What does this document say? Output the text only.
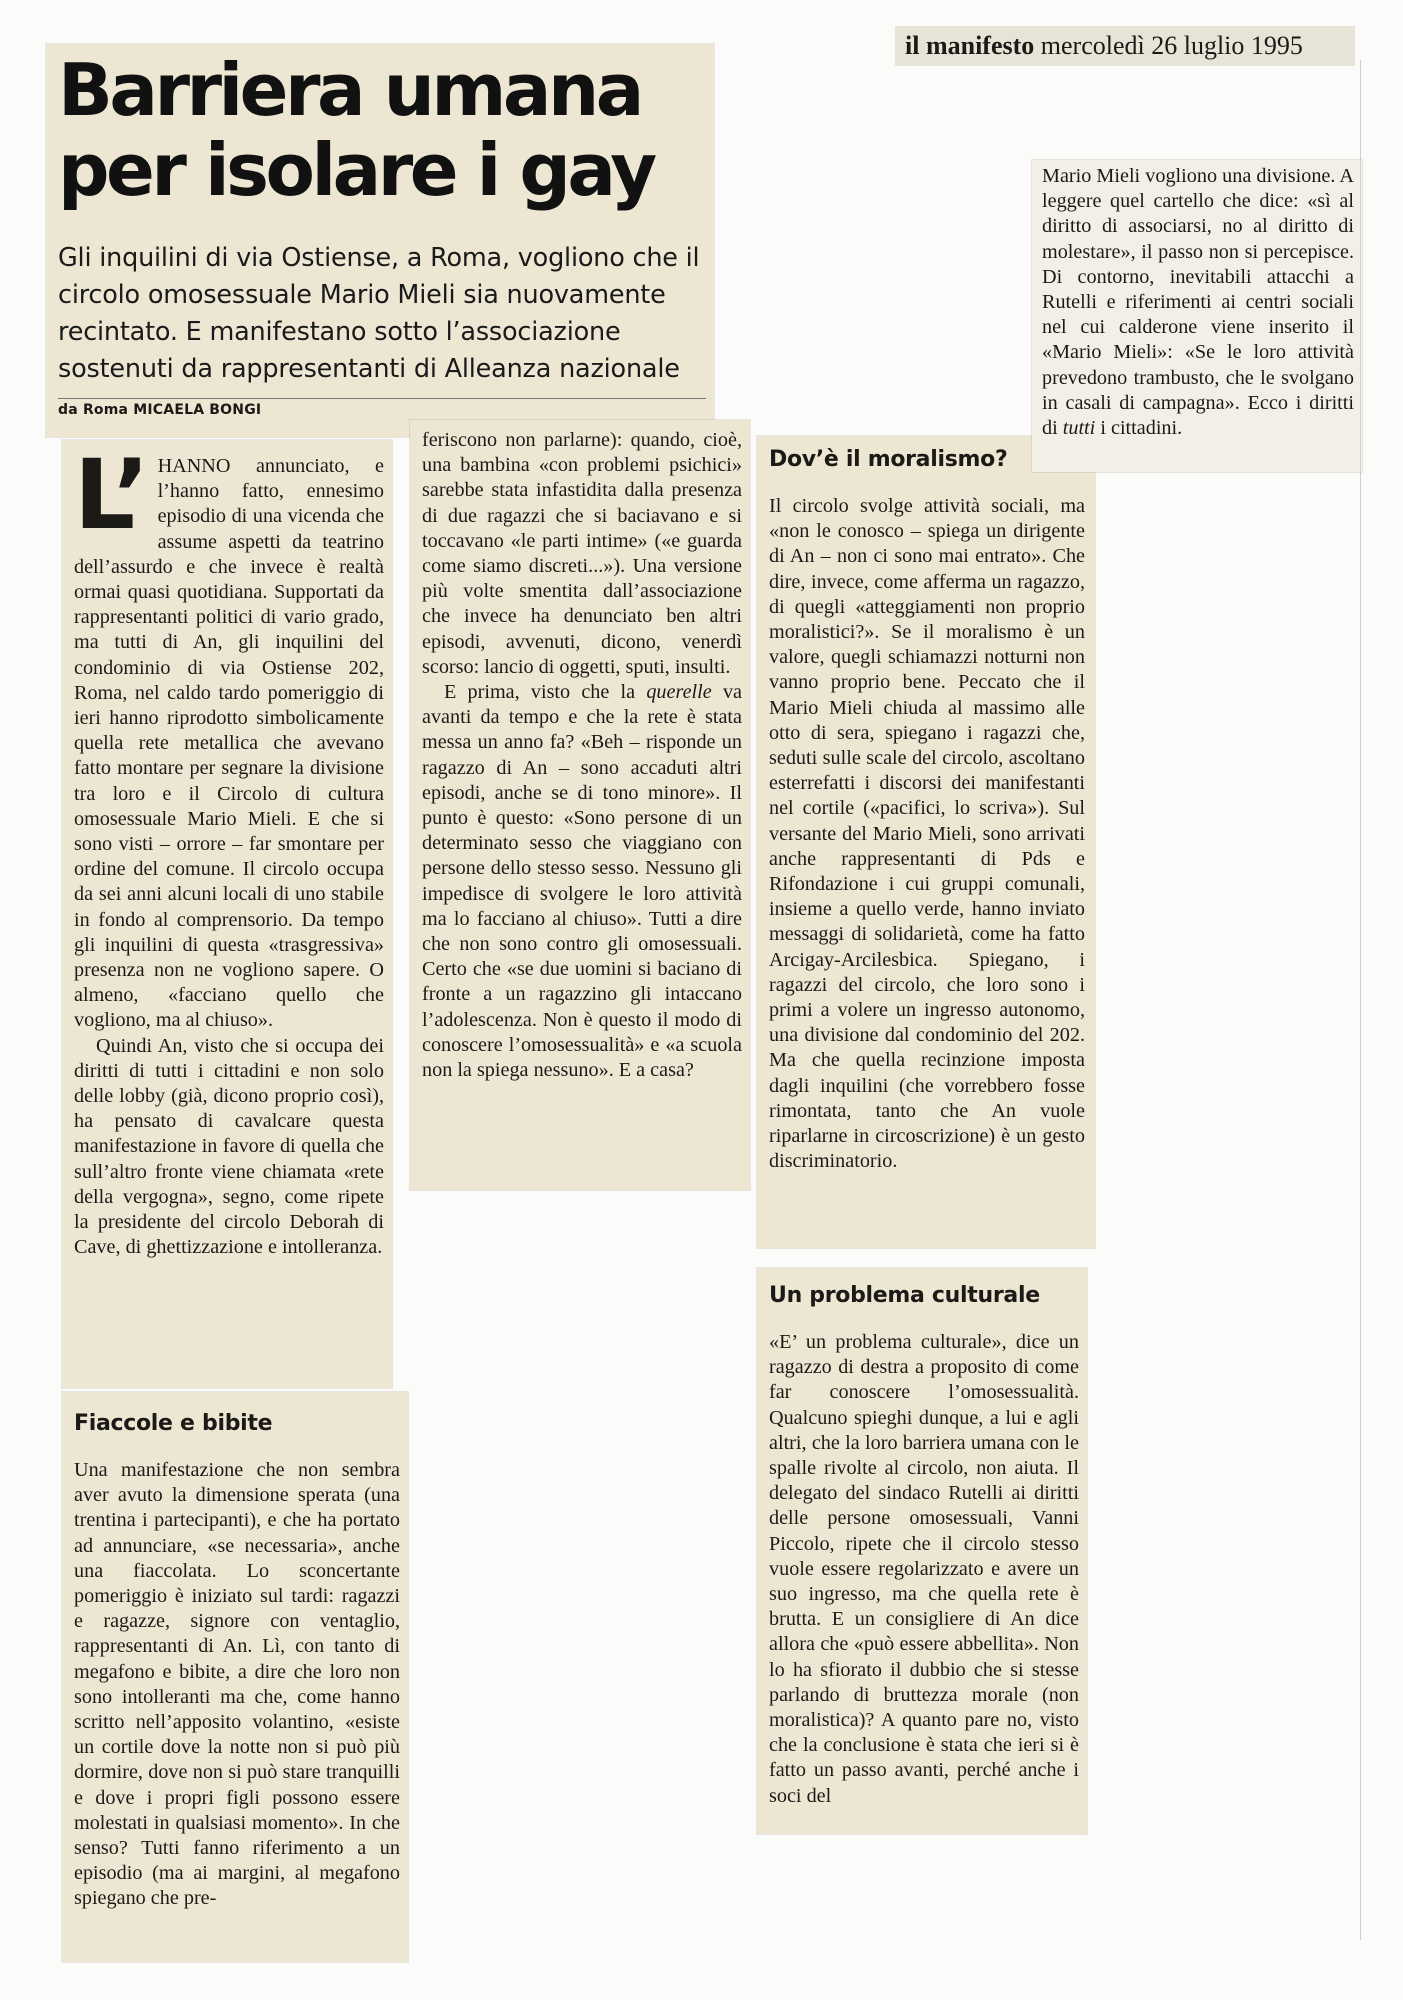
il manifesto mercoledì 26 luglio 1995
Barriera umana
per isolare i gay

Gli inquilini di via Ostiense, a Roma, vogliono che il circolo omosessuale Mario Mieli sia nuovamente recintato. E manifestano sotto l’associazione sostenuti da rappresentanti di Alleanza nazionale

da Roma MICAELA BONGI

L’ HANNO annunciato, e l’hanno fatto, ennesimo episodio di una vicenda che assume aspetti da teatrino dell’assurdo e che invece è realtà ormai quasi quotidiana. Supportati da rappresentanti politici di vario grado, ma tutti di An, gli inquilini del condominio di via Ostiense 202, Roma, nel caldo tardo pomeriggio di ieri hanno riprodotto simbolicamente quella rete metallica che avevano fatto montare per segnare la divisione tra loro e il Circolo di cultura omosessuale Mario Mieli. E che si sono visti – orrore – far smontare per ordine del comune. Il circolo occupa da sei anni alcuni locali di uno stabile in fondo al comprensorio. Da tempo gli inquilini di questa «trasgressiva» presenza non ne vogliono sapere. O almeno, «facciano quello che vogliono, ma al chiuso».

Quindi An, visto che si occupa dei diritti di tutti i cittadini e non solo delle lobby (già, dicono proprio così), ha pensato di cavalcare questa manifestazione in favore di quella che sull’altro fronte viene chiamata «rete della vergogna», segno, come ripete la presidente del circolo Deborah di Cave, di ghettizzazione e intolleranza.

Fiaccole e bibite

Una manifestazione che non sembra aver avuto la dimensione sperata (una trentina i partecipanti), e che ha portato ad annunciare, «se necessaria», anche una fiaccolata. Lo sconcertante pomeriggio è iniziato sul tardi: ragazzi e ragazze, signore con ventaglio, rappresentanti di An. Lì, con tanto di megafono e bibite, a dire che loro non sono intolleranti ma che, come hanno scritto nell’apposito volantino, «esiste un cortile dove la notte non si può più dormire, dove non si può stare tranquilli e dove i propri figli possono essere molestati in qualsiasi momento». In che senso? Tutti fanno riferimento a un episodio (ma ai margini, al megafono spiegano che pre-

feriscono non parlarne): quando, cioè, una bambina «con problemi psichici» sarebbe stata infastidita dalla presenza di due ragazzi che si baciavano e si toccavano «le parti intime» («e guarda come siamo discreti...»). Una versione più volte smentita dall’associazione che invece ha denunciato ben altri episodi, avvenuti, dicono, venerdì scorso: lancio di oggetti, sputi, insulti.

E prima, visto che la querelle va avanti da tempo e che la rete è stata messa un anno fa? «Beh – risponde un ragazzo di An – sono accaduti altri episodi, anche se di tono minore». Il punto è questo: «Sono persone di un determinato sesso che viaggiano con persone dello stesso sesso. Nessuno gli impedisce di svolgere le loro attività ma lo facciano al chiuso». Tutti a dire che non sono contro gli omosessuali. Certo che «se due uomini si baciano di fronte a un ragazzino gli intaccano l’adolescenza. Non è questo il modo di conoscere l’omosessualità» e «a scuola non la spiega nessuno». E a casa?

Dov’è il moralismo?

Il circolo svolge attività sociali, ma «non le conosco – spiega un dirigente di An – non ci sono mai entrato». Che dire, invece, come afferma un ragazzo, di quegli «atteggiamenti non proprio moralistici?». Se il moralismo è un valore, quegli schiamazzi notturni non vanno proprio bene. Peccato che il Mario Mieli chiuda al massimo alle otto di sera, spiegano i ragazzi che, seduti sulle scale del circolo, ascoltano esterrefatti i discorsi dei manifestanti nel cortile («pacifici, lo scriva»). Sul versante del Mario Mieli, sono arrivati anche rappresentanti di Pds e Rifondazione i cui gruppi comunali, insieme a quello verde, hanno inviato messaggi di solidarietà, come ha fatto Arcigay-Arcilesbica. Spiegano, i ragazzi del circolo, che loro sono i primi a volere un ingresso autonomo, una divisione dal condominio del 202. Ma che quella recinzione imposta dagli inquilini (che vorrebbero fosse rimontata, tanto che An vuole riparlarne in circoscrizione) è un gesto discriminatorio.

Un problema culturale

«E’ un problema culturale», dice un ragazzo di destra a proposito di come far conoscere l’omosessualità. Qualcuno spieghi dunque, a lui e agli altri, che la loro barriera umana con le spalle rivolte al circolo, non aiuta. Il delegato del sindaco Rutelli ai diritti delle persone omosessuali, Vanni Piccolo, ripete che il circolo stesso vuole essere regolarizzato e avere un suo ingresso, ma che quella rete è brutta. E un consigliere di An dice allora che «può essere abbellita». Non lo ha sfiorato il dubbio che si stesse parlando di bruttezza morale (non moralistica)? A quanto pare no, visto che la conclusione è stata che ieri si è fatto un passo avanti, perché anche i soci del

Mario Mieli vogliono una divisione. A leggere quel cartello che dice: «sì al diritto di associarsi, no al diritto di molestare», il passo non si percepisce. Di contorno, inevitabili attacchi a Rutelli e riferimenti ai centri sociali nel cui calderone viene inserito il «Mario Mieli»: «Se le loro attività prevedono trambusto, che le svolgano in casali di campagna». Ecco i diritti di tutti i cittadini.
